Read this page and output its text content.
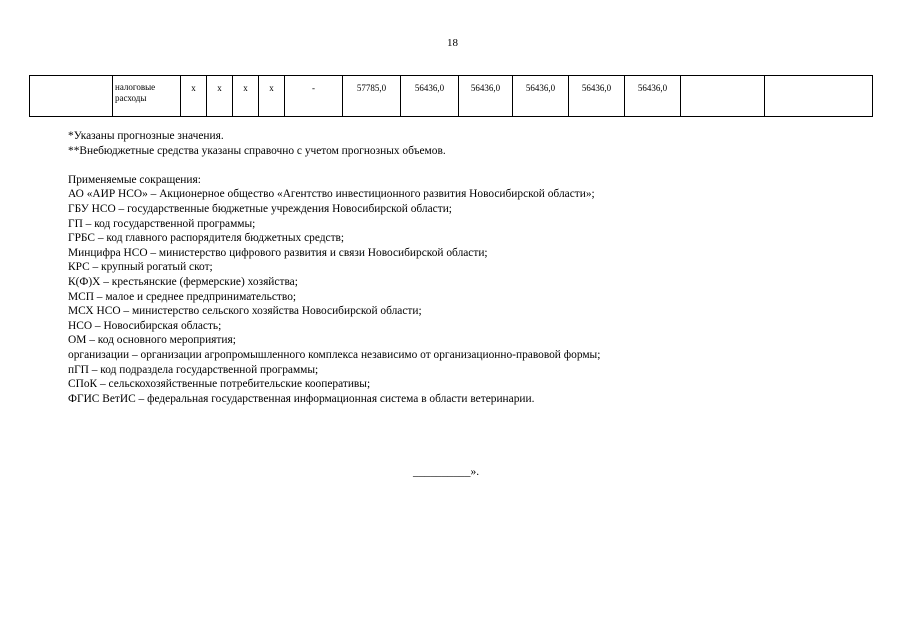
18
	налоговые расходы	x	x	x	x	-	57785,0	56436,0	56436,0	56436,0	56436,0	56436,0		
*Указаны прогнозные значения.
**Внебюджетные средства указаны справочно с учетом прогнозных объемов.
Применяемые сокращения:
АО «АИР НСО» – Акционерное общество «Агентство инвестиционного развития Новосибирской области»;
ГБУ НСО – государственные бюджетные учреждения Новосибирской области;
ГП – код государственной программы;
ГРБС – код главного распорядителя бюджетных средств;
Минцифра НСО – министерство цифрового развития и связи Новосибирской области;
КРС – крупный рогатый скот;
К(Ф)Х – крестьянские (фермерские) хозяйства;
МСП – малое и среднее предпринимательство;
МСХ НСО – министерство сельского хозяйства Новосибирской области;
НСО – Новосибирская область;
ОМ – код основного мероприятия;
организации – организации агропромышленного комплекса независимо от организационно-правовой формы;
пГП – код подраздела государственной программы;
СПоК – сельскохозяйственные потребительские кооперативы;
ФГИС ВетИС – федеральная государственная информационная система в области ветеринарии.
__________».
